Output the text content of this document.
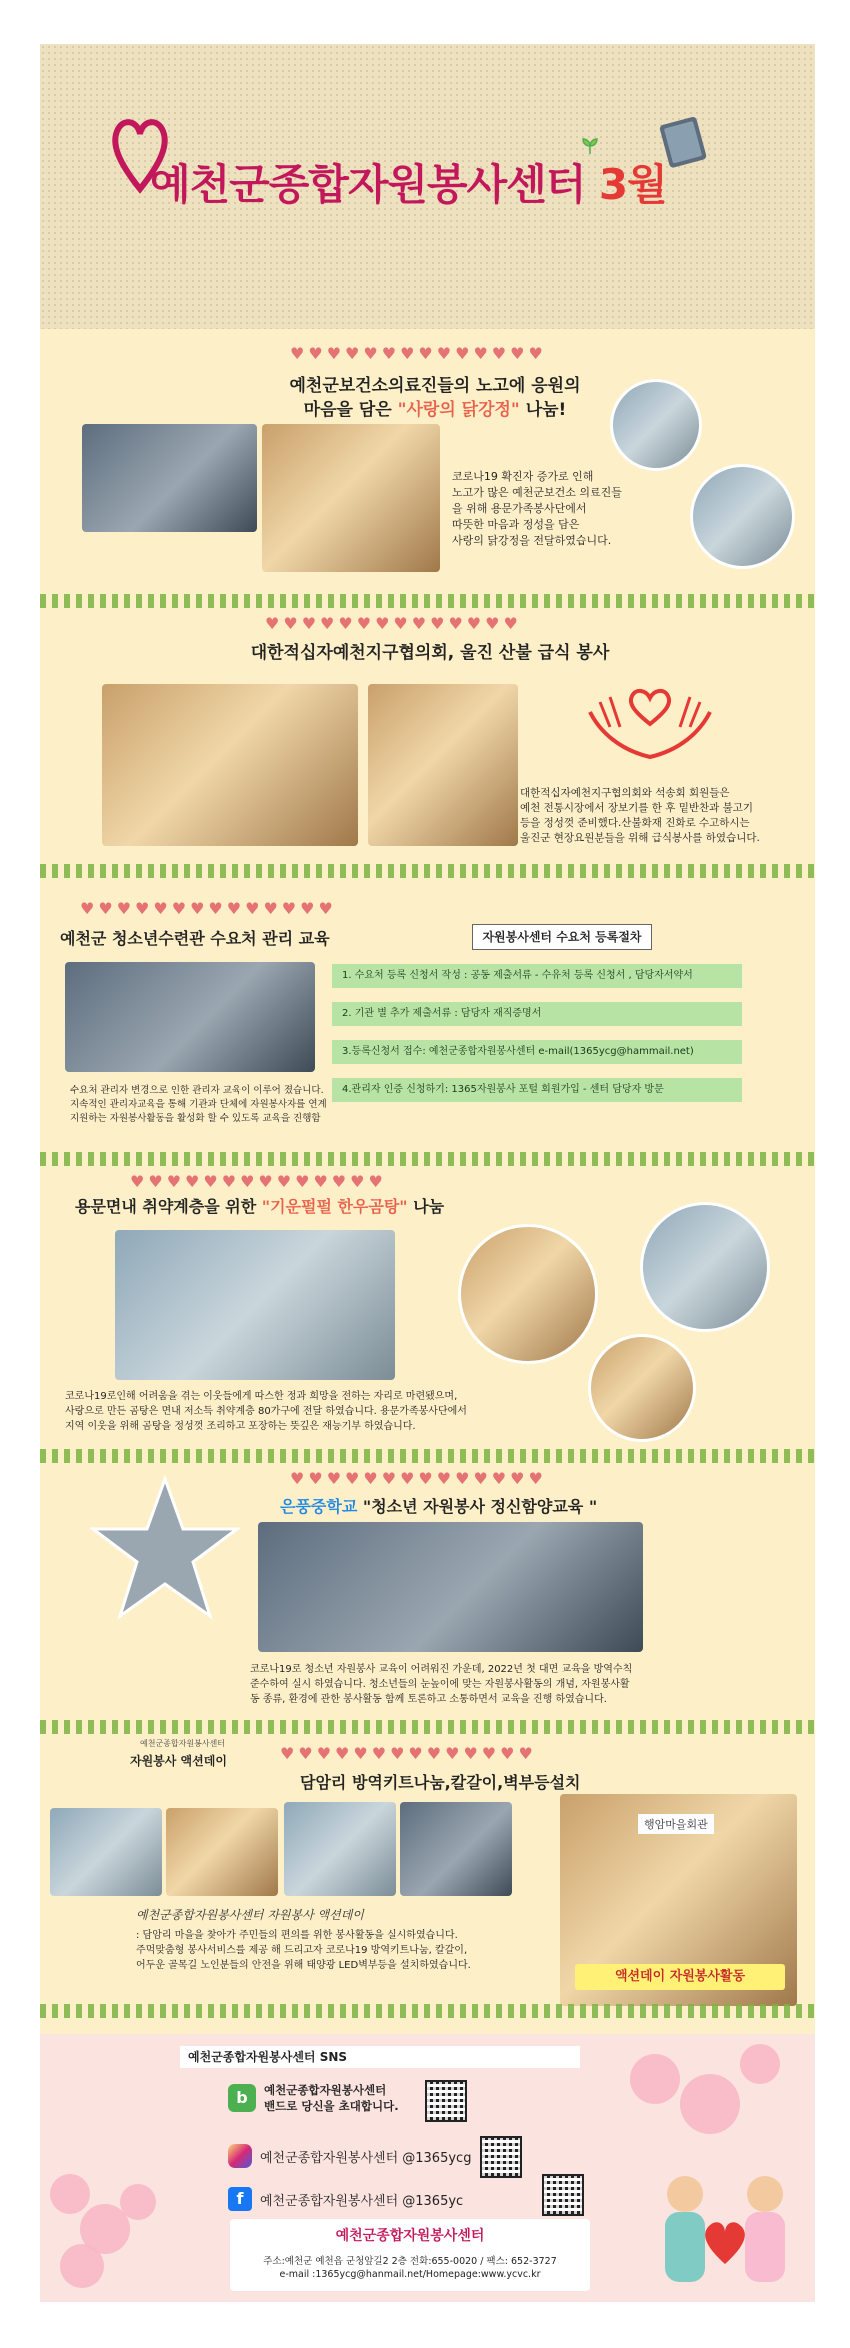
예천군종합자원봉사센터 3월
♥♥♥♥♥♥♥♥♥♥♥♥♥♥
예천군보건소의료진들의 노고에 응원의
마음을 담은 "사랑의 닭강정" 나눔!
코로나19 확진자 증가로 인해
노고가 많은 예천군보건소 의료진들
을 위해 용문가족봉사단에서
따뜻한 마음과 정성을 담은
사랑의 닭강정을 전달하였습니다.
♥♥♥♥♥♥♥♥♥♥♥♥♥♥
대한적십자예천지구협의회, 울진 산불 급식 봉사
대한적십자예천지구협의회와 석송회 회원들은
예천 전통시장에서 장보기를 한 후 밑반찬과 불고기
등을 정성껏 준비했다.산불화재 진화로 수고하시는
울진군 현장요원분들을 위해 급식봉사를 하였습니다.
♥♥♥♥♥♥♥♥♥♥♥♥♥♥
예천군 청소년수련관 수요처 관리 교육
수요처 관리자 변경으로 인한 관리자 교육이 이루어 졌습니다.
지속적인 관리자교육을 통해 기관과 단체에 자원봉사자를 연계
지원하는 자원봉사활동을 활성화 할 수 있도록 교육을 진행함
자원봉사센터 수요처 등록절차
1. 수요처 등록 신청서 작성 : 공동 제출서류 - 수유처 등록 신청서 , 담당자서약서
2. 기관 별 추가 제출서류 : 담당자 재직증명서
3.등록신청서 접수: 예천군종합자원봉사센터 e-mail(1365ycg@hammail.net)
4.관리자 인증 신청하기: 1365자원봉사 포털 회원가입 - 센터 담당자 방문
♥♥♥♥♥♥♥♥♥♥♥♥♥♥
용문면내 취약계층을 위한 "기운펄펄 한우곰탕" 나눔
코로나19로인해 어려움을 겪는 이웃들에게 따스한 정과 희망을 전하는 자리로 마련됐으며,
사랑으로 만든 곰탕은 면내 저소득 취약계층 80가구에 전달 하였습니다. 용문가족봉사단에서
지역 이웃을 위해 곰탕을 정성껏 조리하고 포장하는 뜻깊은 재능기부 하였습니다.
♥♥♥♥♥♥♥♥♥♥♥♥♥♥
은풍중학교 "청소년 자원봉사 정신함양교육 "
코로나19로 청소년 자원봉사 교육이 어려워진 가운데, 2022년 첫 대면 교육을 방역수칙
준수하여 실시 하였습니다. 청소년들의 눈높이에 맞는 자원봉사활동의 개념, 자원봉사활
동 종류, 환경에 관한 봉사활동 함께 토론하고 소통하면서 교육을 진행 하였습니다.
예천군종합자원봉사센터
자원봉사 액션데이	♥♥♥♥♥♥♥♥♥♥♥♥♥♥
담암리 방역키트나눔,칼갈이,벽부등설치
행암마을회관
액션데이 자원봉사활동
예천군종합자원봉사센터 자원봉사 액션데이
: 담암리 마을을 찾아가 주민들의 편의를 위한 봉사활동을 실시하였습니다.
주먹맞춤형 봉사서비스를 제공 해 드리고자 코로나19 방역키트나눔, 칼갈이,
어두운 골목길 노인분들의 안전을 위해 태양광 LED벽부등을 설치하였습니다.
예천군종합자원봉사센터 SNS
b	예천군종합자원봉사센터
밴드로 당신을 초대합니다.
예천군종합자원봉사센터 @1365ycg
f	예천군종합자원봉사센터 @1365yc
예천군종합자원봉사센터
주소:예천군 예천읍 군청앞길2 2층 전화:655-0020 / 팩스: 652-3727
e-mail :1365ycg@hanmail.net/Homepage:www.ycvc.kr
